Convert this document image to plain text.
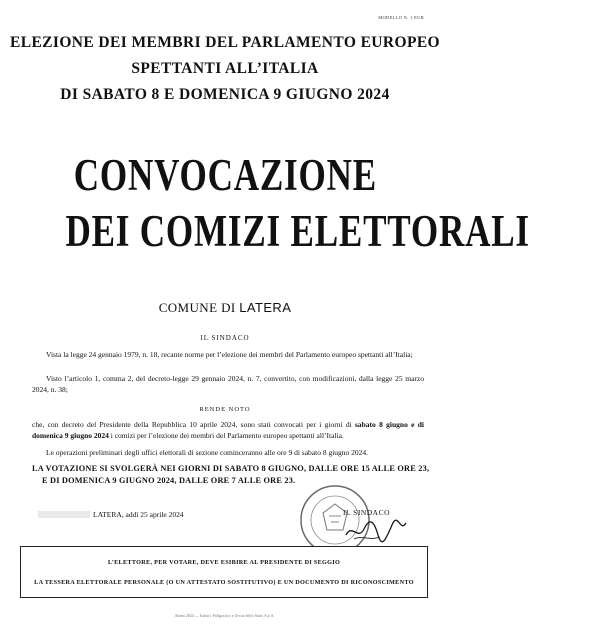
MODELLO N. 1 EUR
ELEZIONE DEI MEMBRI DEL PARLAMENTO EUROPEO
SPETTANTI ALL’ITALIA
DI SABATO 8 E DOMENICA 9 GIUGNO 2024
CONVOCAZIONE
DEI COMIZI ELETTORALI
COMUNE DI LATERA
IL SINDACO
Vista la legge 24 gennaio 1979, n. 18, recante norme per l’elezione dei membri del Parlamento europeo spettanti all’Italia;
Visto l’articolo 1, comma 2, del decreto-legge 29 gennaio 2024, n. 7, convertito, con modificazioni, dalla legge 25 marzo 2024, n. 38;
RENDE NOTO
che, con decreto del Presidente della Repubblica 10 aprile 2024, sono stati convocati per i giorni di sabato 8 giugno e di domenica 9 giugno 2024 i comizi per l’elezione dei membri del Parlamento europeo spettanti all’Italia.
Le operazioni preliminari degli uffici elettorali di sezione cominceranno alle ore 9 di sabato 8 giugno 2024.
LA VOTAZIONE SI SVOLGERÀ NEI GIORNI DI SABATO 8 GIUGNO, DALLE ORE 15 ALLE ORE 23,
E DI DOMENICA 9 GIUGNO 2024, DALLE ORE 7 ALLE ORE 23.
LATERA, addì 25 aprile 2024	IL SINDACO
L’ELETTORE, PER VOTARE, DEVE ESIBIRE AL PRESIDENTE DI SEGGIO
LA TESSERA ELETTORALE PERSONALE (O UN ATTESTATO SOSTITUTIVO) E UN DOCUMENTO DI RICONOSCIMENTO
Roma 2024 — Istituto Poligrafico e Zecca dello Stato S.p.A.
